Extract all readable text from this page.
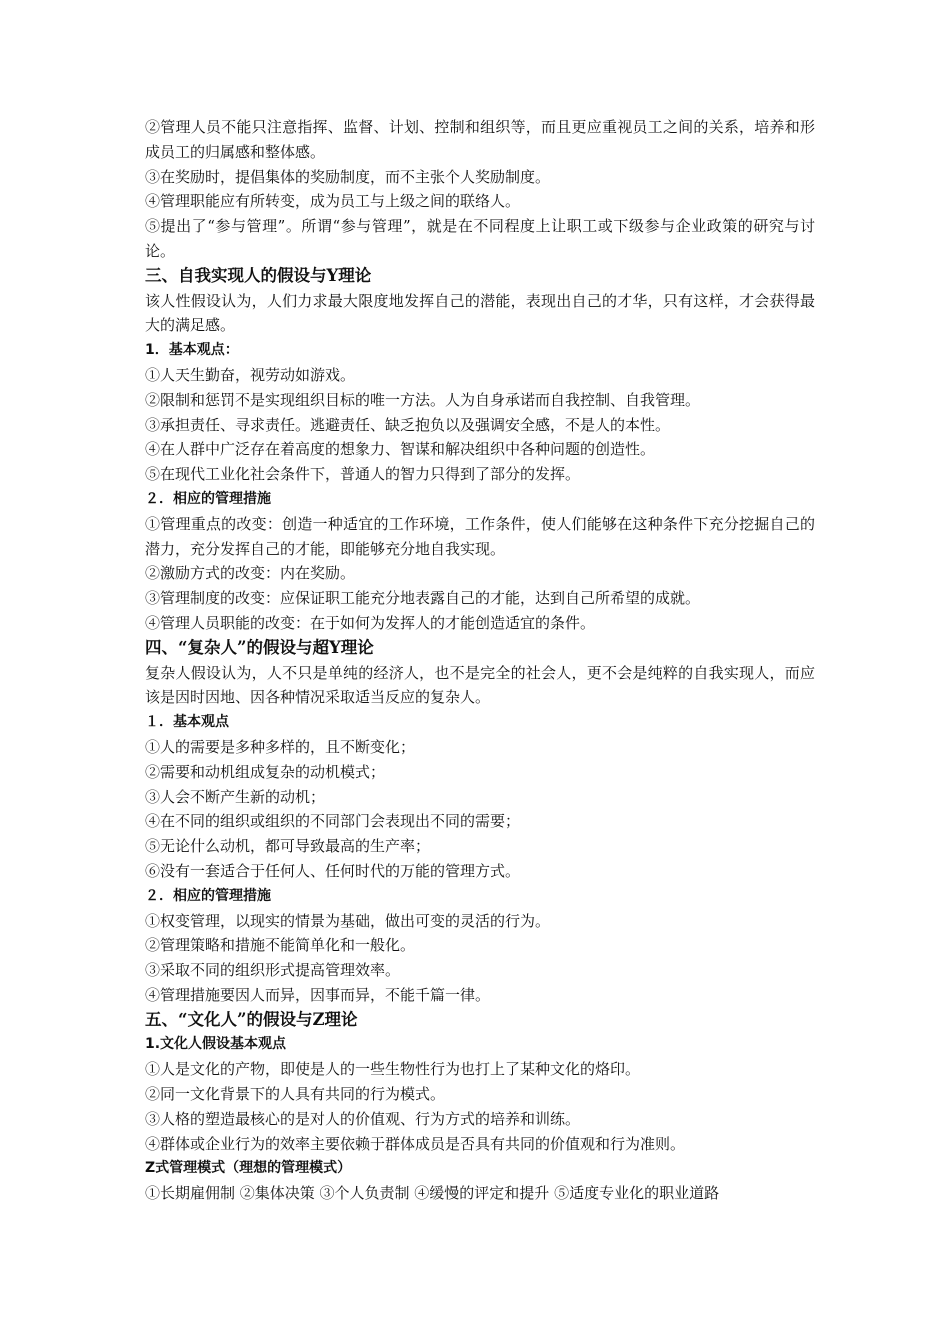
②管理人员不能只注意指挥、监督、计划、控制和组织等，而且更应重视员工之间的关系，培养和形成员工的归属感和整体感。

③在奖励时，提倡集体的奖励制度，而不主张个人奖励制度。

④管理职能应有所转变，成为员工与上级之间的联络人。

⑤提出了“参与管理”。所谓“参与管理”，就是在不同程度上让职工或下级参与企业政策的研究与讨论。

三、自我实现人的假设与Y理论

该人性假设认为，人们力求最大限度地发挥自己的潜能，表现出自己的才华，只有这样，才会获得最大的满足感。

1．基本观点：

①人天生勤奋，视劳动如游戏。

②限制和惩罚不是实现组织目标的唯一方法。人为自身承诺而自我控制、自我管理。

③承担责任、寻求责任。逃避责任、缺乏抱负以及强调安全感，不是人的本性。

④在人群中广泛存在着高度的想象力、智谋和解决组织中各种问题的创造性。

⑤在现代工业化社会条件下，普通人的智力只得到了部分的发挥。

２．相应的管理措施

①管理重点的改变：创造一种适宜的工作环境，工作条件，使人们能够在这种条件下充分挖掘自己的潜力，充分发挥自己的才能，即能够充分地自我实现。

②激励方式的改变：内在奖励。

③管理制度的改变：应保证职工能充分地表露自己的才能，达到自己所希望的成就。

④管理人员职能的改变：在于如何为发挥人的才能创造适宜的条件。

四、“复杂人”的假设与超Y理论

复杂人假设认为，人不只是单纯的经济人，也不是完全的社会人，更不会是纯粹的自我实现人，而应该是因时因地、因各种情况采取适当反应的复杂人。

１．基本观点

①人的需要是多种多样的，且不断变化；

②需要和动机组成复杂的动机模式；

③人会不断产生新的动机；

④在不同的组织或组织的不同部门会表现出不同的需要；

⑤无论什么动机，都可导致最高的生产率；

⑥没有一套适合于任何人、任何时代的万能的管理方式。

２．相应的管理措施

①权变管理，以现实的情景为基础，做出可变的灵活的行为。

②管理策略和措施不能简单化和一般化。

③采取不同的组织形式提高管理效率。

④管理措施要因人而异，因事而异，不能千篇一律。

五、“文化人”的假设与Z理论
1.文化人假设基本观点

①人是文化的产物，即使是人的一些生物性行为也打上了某种文化的烙印。

②同一文化背景下的人具有共同的行为模式。

③人格的塑造最核心的是对人的价值观、行为方式的培养和训练。

④群体或企业行为的效率主要依赖于群体成员是否具有共同的价值观和行为准则。

Z式管理模式（理想的管理模式）

①长期雇佣制 ②集体决策 ③个人负责制 ④缓慢的评定和提升 ⑤适度专业化的职业道路
